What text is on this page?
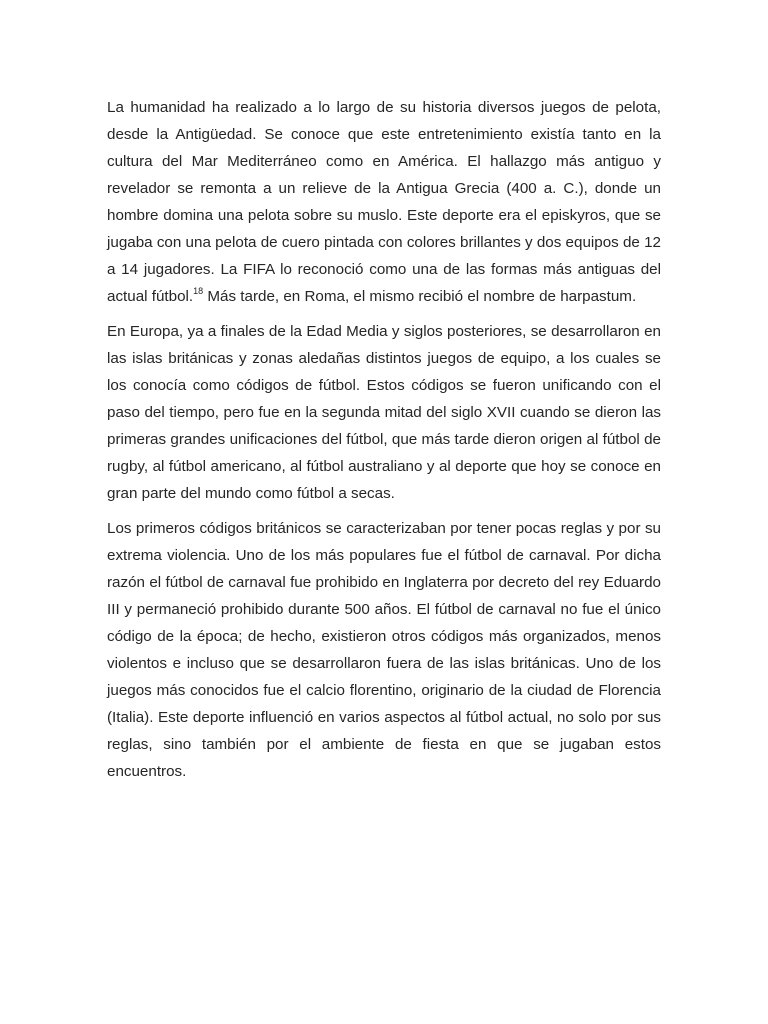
La humanidad ha realizado a lo largo de su historia diversos juegos de pelota, desde la Antigüedad. Se conoce que este entretenimiento existía tanto en la cultura del Mar Mediterráneo como en América. El hallazgo más antiguo y revelador se remonta a un relieve de la Antigua Grecia (400 a. C.), donde un hombre domina una pelota sobre su muslo. Este deporte era el episkyros, que se jugaba con una pelota de cuero pintada con colores brillantes y dos equipos de 12 a 14 jugadores. La FIFA lo reconoció como una de las formas más antiguas del actual fútbol.$^{18}$ Más tarde, en Roma, el mismo recibió el nombre de harpastum.

En Europa, ya a finales de la Edad Media y siglos posteriores, se desarrollaron en las islas británicas y zonas aledañas distintos juegos de equipo, a los cuales se los conocía como códigos de fútbol. Estos códigos se fueron unificando con el paso del tiempo, pero fue en la segunda mitad del siglo XVII cuando se dieron las primeras grandes unificaciones del fútbol, que más tarde dieron origen al fútbol de rugby, al fútbol americano, al fútbol australiano y al deporte que hoy se conoce en gran parte del mundo como fútbol a secas.

Los primeros códigos británicos se caracterizaban por tener pocas reglas y por su extrema violencia. Uno de los más populares fue el fútbol de carnaval. Por dicha razón el fútbol de carnaval fue prohibido en Inglaterra por decreto del rey Eduardo III y permaneció prohibido durante 500 años. El fútbol de carnaval no fue el único código de la época; de hecho, existieron otros códigos más organizados, menos violentos e incluso que se desarrollaron fuera de las islas británicas. Uno de los juegos más conocidos fue el calcio florentino, originario de la ciudad de Florencia (Italia). Este deporte influenció en varios aspectos al fútbol actual, no solo por sus reglas, sino también por el ambiente de fiesta en que se jugaban estos encuentros.
